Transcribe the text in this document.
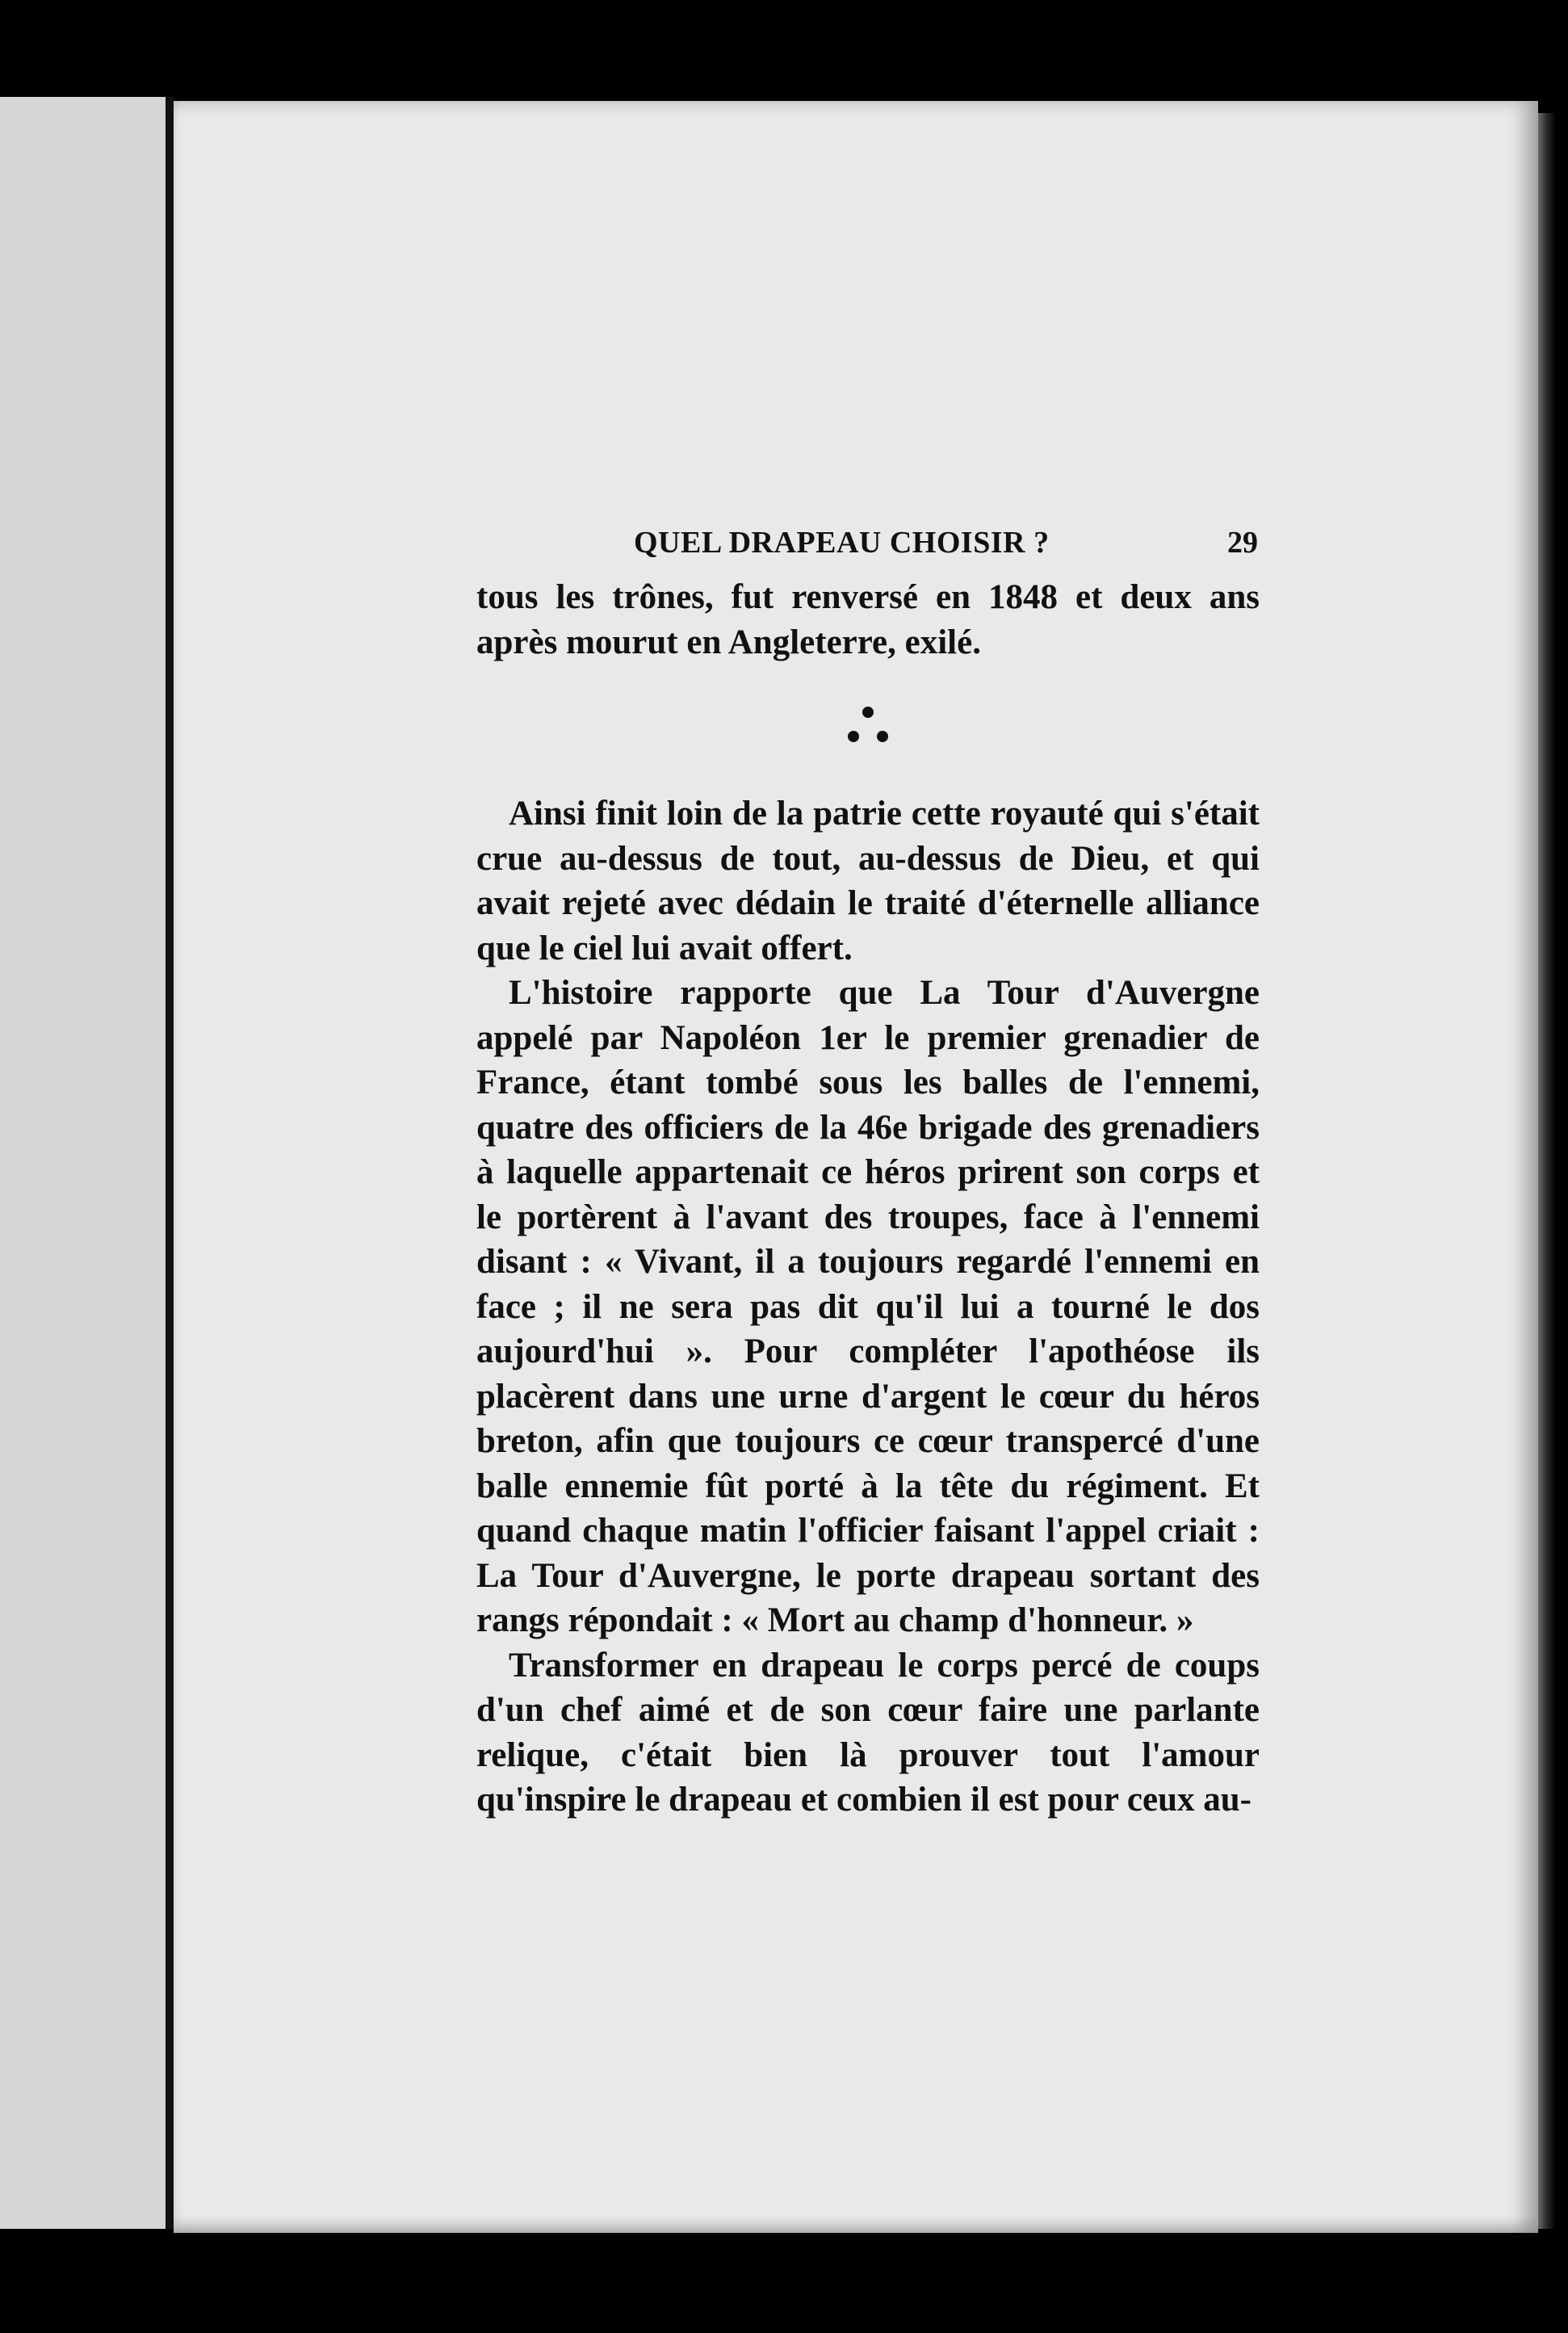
QUEL DRAPEAU CHOISIR ?	29

tous les trônes, fut renversé en 1848 et deux ans après mourut en Angleterre, exilé.

Ainsi finit loin de la patrie cette royauté qui s'était crue au-dessus de tout, au-dessus de Dieu, et qui avait rejeté avec dédain le traité d'éternelle alliance que le ciel lui avait offert.

L'histoire rapporte que La Tour d'Auvergne appelé par Napoléon 1er le premier grenadier de France, étant tombé sous les balles de l'ennemi, quatre des officiers de la 46e brigade des grenadiers à laquelle appartenait ce héros prirent son corps et le portèrent à l'avant des troupes, face à l'ennemi disant : « Vivant, il a toujours regardé l'ennemi en face ; il ne sera pas dit qu'il lui a tourné le dos aujourd'hui ». Pour compléter l'apothéose ils placèrent dans une urne d'argent le cœur du héros breton, afin que toujours ce cœur transpercé d'une balle ennemie fût porté à la tête du régiment. Et quand chaque matin l'officier faisant l'appel criait : La Tour d'Auvergne, le porte drapeau sortant des rangs répondait : « Mort au champ d'honneur. »

Transformer en drapeau le corps percé de coups d'un chef aimé et de son cœur faire une parlante relique, c'était bien là prouver tout l'amour qu'inspire le drapeau et combien il est pour ceux au-
